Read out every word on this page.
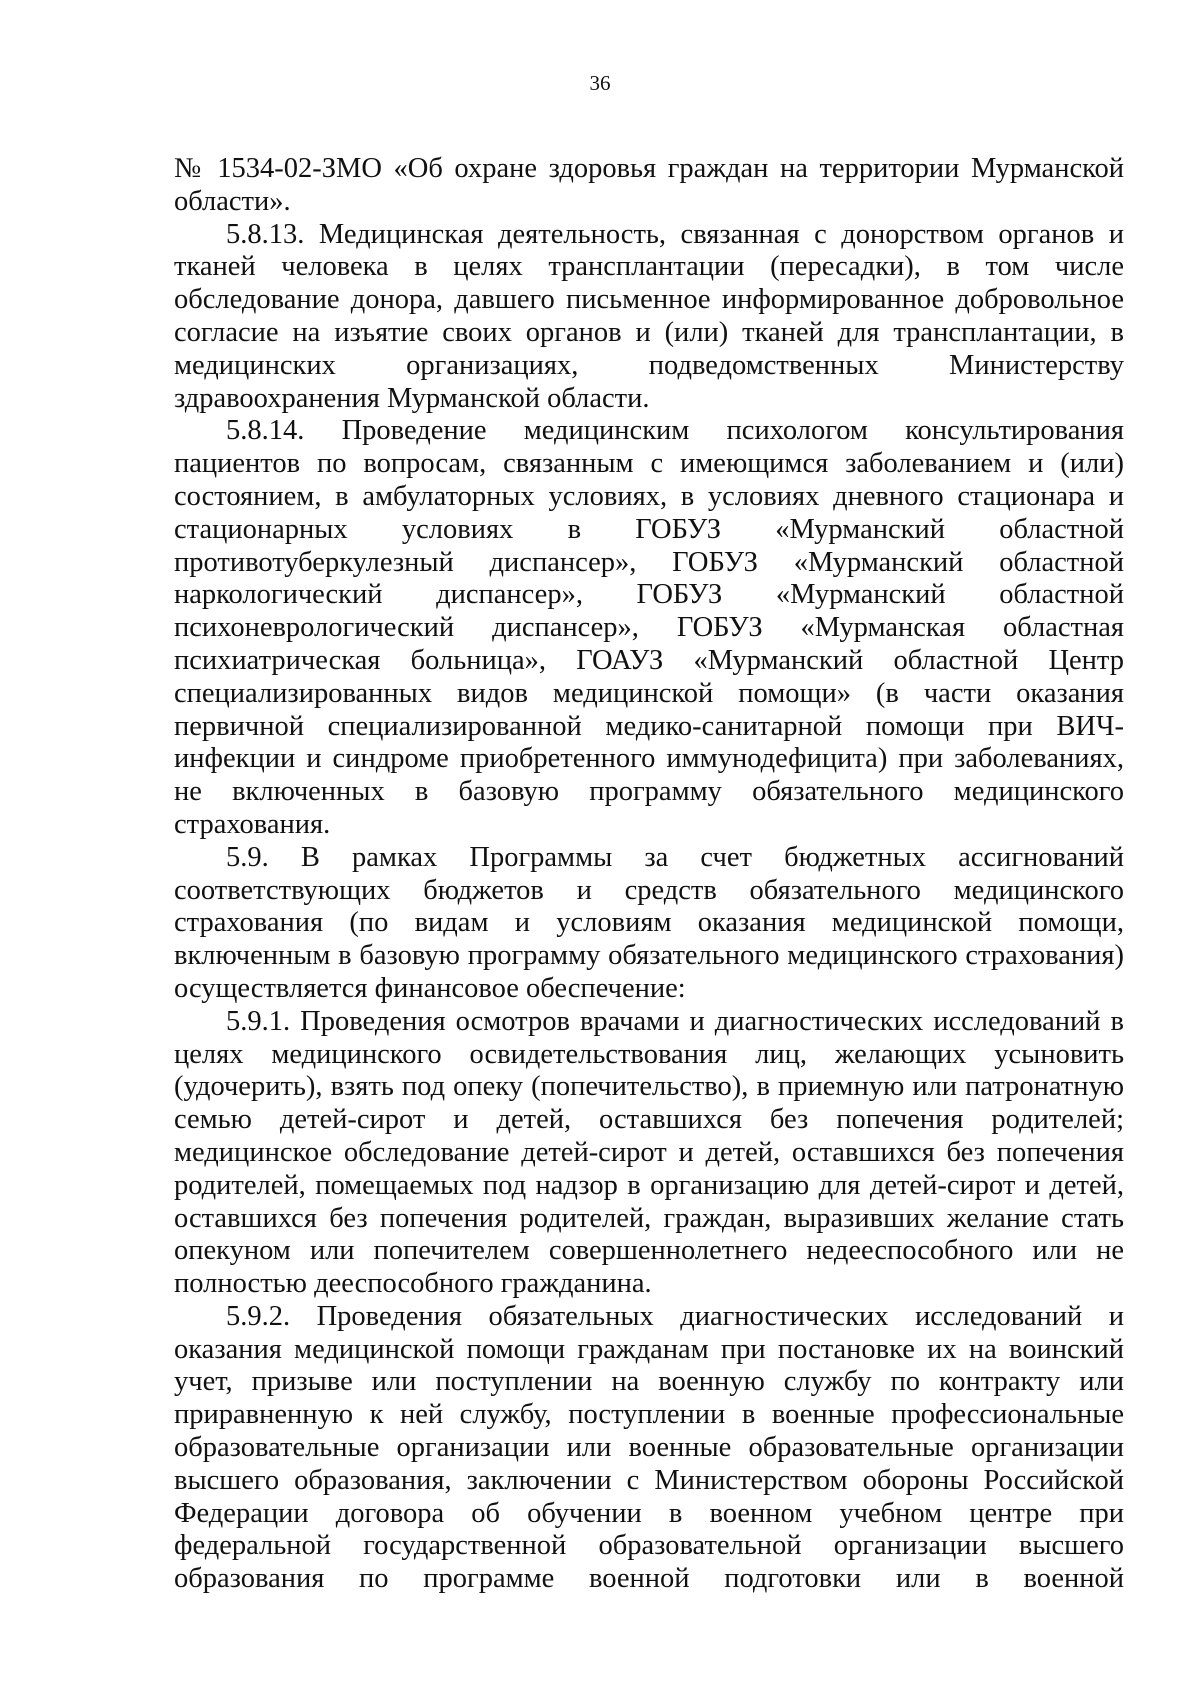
36

№ 1534-02-ЗМО «Об охране здоровья граждан на территории Мурманской области».

5.8.13. Медицинская деятельность, связанная с донорством органов и тканей человека в целях трансплантации (пересадки), в том числе обследование донора, давшего письменное информированное добровольное согласие на изъятие своих органов и (или) тканей для трансплантации, в медицинских организациях, подведомственных Министерству здравоохранения Мурманской области.

5.8.14. Проведение медицинским психологом консультирования пациентов по вопросам, связанным с имеющимся заболеванием и (или) состоянием, в амбулаторных условиях, в условиях дневного стационара и стационарных условиях в ГОБУЗ «Мурманский областной противотуберкулезный диспансер», ГОБУЗ «Мурманский областной наркологический диспансер», ГОБУЗ «Мурманский областной психоневрологический диспансер», ГОБУЗ «Мурманская областная психиатрическая больница», ГОАУЗ «Мурманский областной Центр специализированных видов медицинской помощи» (в части оказания первичной специализированной медико-санитарной помощи при ВИЧ-инфекции и синдроме приобретенного иммунодефицита) при заболеваниях, не включенных в базовую программу обязательного медицинского страхования.

5.9. В рамках Программы за счет бюджетных ассигнований соответствующих бюджетов и средств обязательного медицинского страхования (по видам и условиям оказания медицинской помощи, включенным в базовую программу обязательного медицинского страхования) осуществляется финансовое обеспечение:

5.9.1. Проведения осмотров врачами и диагностических исследований в целях медицинского освидетельствования лиц, желающих усыновить (удочерить), взять под опеку (попечительство), в приемную или патронатную семью детей-сирот и детей, оставшихся без попечения родителей; медицинское обследование детей-сирот и детей, оставшихся без попечения родителей, помещаемых под надзор в организацию для детей-сирот и детей, оставшихся без попечения родителей, граждан, выразивших желание стать опекуном или попечителем совершеннолетнего недееспособного или не полностью дееспособного гражданина.

5.9.2. Проведения обязательных диагностических исследований и оказания медицинской помощи гражданам при постановке их на воинский учет, призыве или поступлении на военную службу по контракту или приравненную к ней службу, поступлении в военные профессиональные образовательные организации или военные образовательные организации высшего образования, заключении с Министерством обороны Российской Федерации договора об обучении в военном учебном центре при федеральной государственной образовательной организации высшего образования по программе военной подготовки или в военной
